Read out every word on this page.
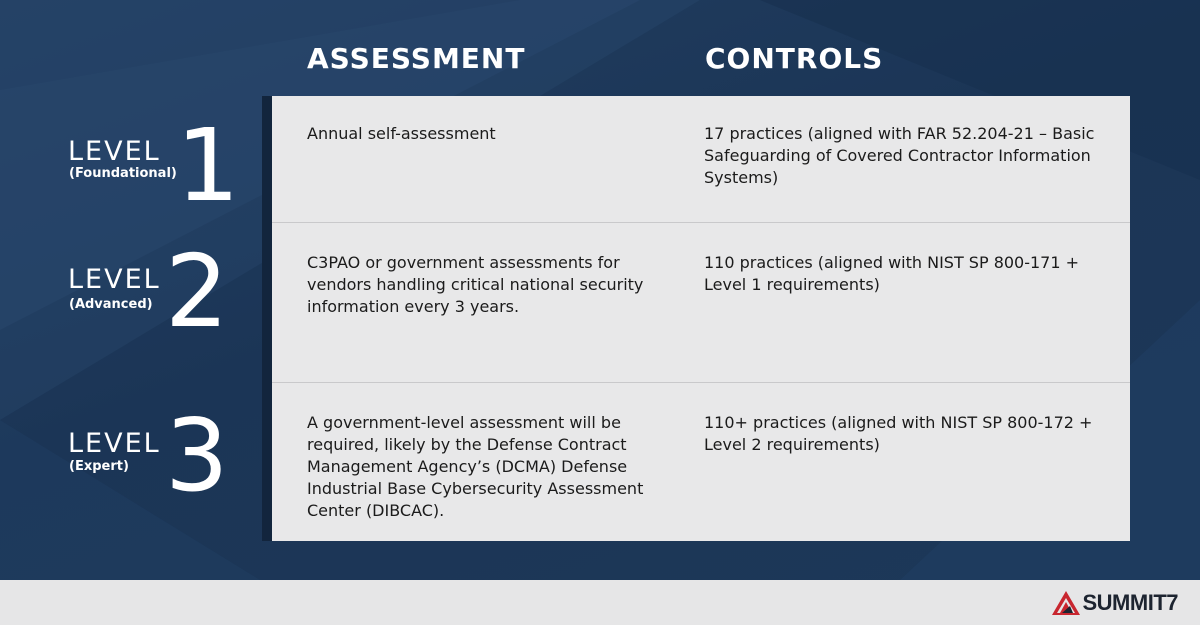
ASSESSMENT	CONTROLS
LEVEL
(Foundational) 1
LEVEL
(Advanced) 2
LEVEL
(Expert) 3
Annual self-assessment	17 practices (aligned with FAR 52.204-21 – Basic Safeguarding of Covered Contractor Information Systems)
C3PAO or government assessments for vendors handling critical national security information every 3 years.
110 practices (aligned with NIST SP 800-171 + Level 1 requirements)
A government-level assessment will be required, likely by the Defense Contract Management Agency’s (DCMA) Defense Industrial Base Cybersecurity Assessment Center (DIBCAC).
110+ practices (aligned with NIST SP 800-172 + Level 2 requirements)
SUMMIT7
